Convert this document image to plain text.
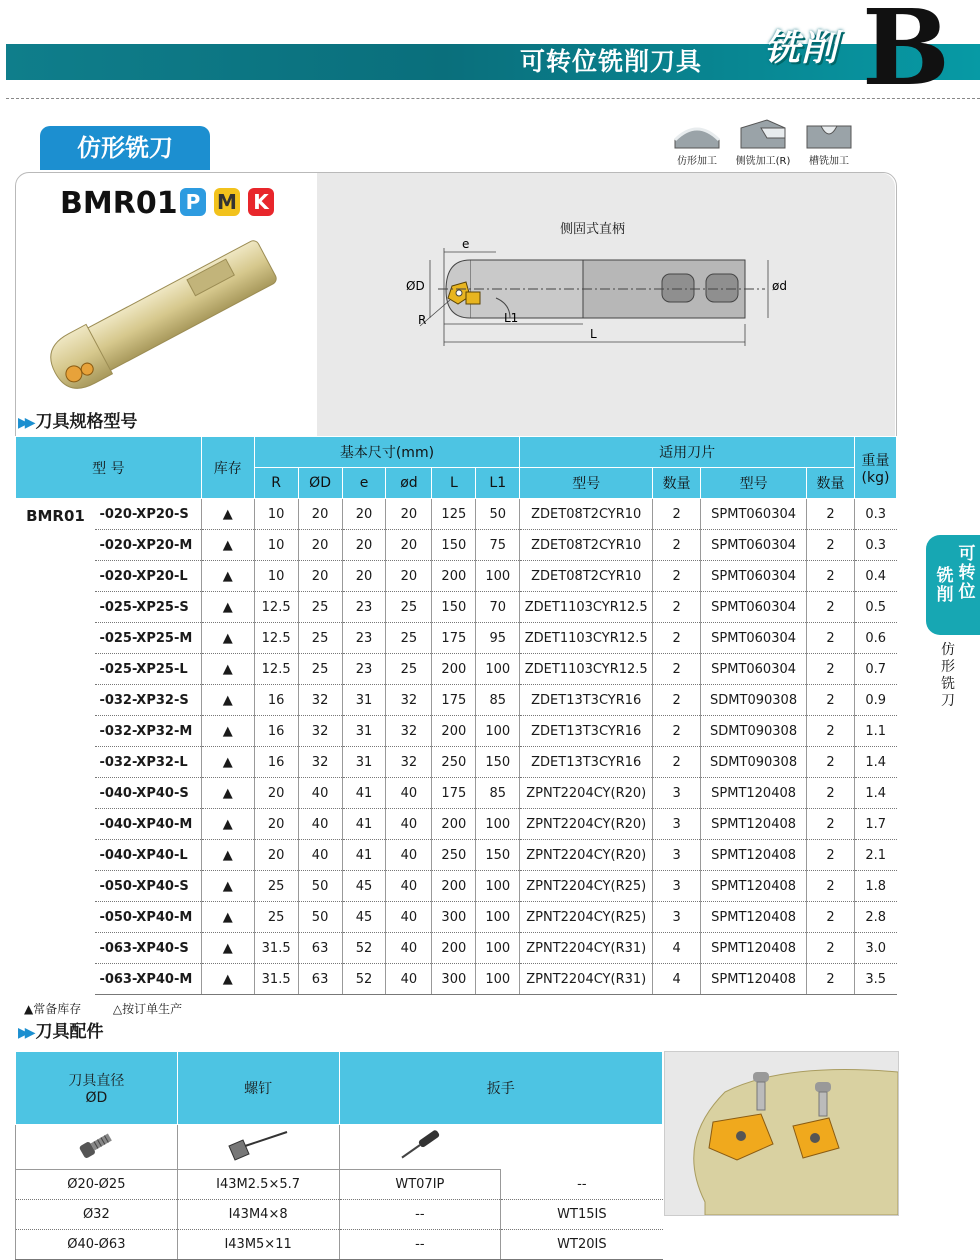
可转位铣削刀具 铣削 B
仿形铣刀	仿形加工	侧铣加工(R)	槽铣加工
BMR01 P M K
侧固式直柄
e
ØD	ød
R	L1
L
▶▶ 刀具规格型号
型 号		库存	基本尺寸(mm)						适用刀片				重量
(kg)
			R	ØD	e	ød	L	L1	型号	数量	型号	数量	
BMR01	-020-XP20-S	▲	10	20	20	20	125	50	ZDET08T2CYR10	2	SPMT060304	2	0.3
	-020-XP20-M	▲	10	20	20	20	150	75	ZDET08T2CYR10	2	SPMT060304	2	0.3
	-020-XP20-L	▲	10	20	20	20	200	100	ZDET08T2CYR10	2	SPMT060304	2	0.4
	-025-XP25-S	▲	12.5	25	23	25	150	70	ZDET1103CYR12.5	2	SPMT060304	2	0.5
	-025-XP25-M	▲	12.5	25	23	25	175	95	ZDET1103CYR12.5	2	SPMT060304	2	0.6
	-025-XP25-L	▲	12.5	25	23	25	200	100	ZDET1103CYR12.5	2	SPMT060304	2	0.7
	-032-XP32-S	▲	16	32	31	32	175	85	ZDET13T3CYR16	2	SDMT090308	2	0.9
	-032-XP32-M	▲	16	32	31	32	200	100	ZDET13T3CYR16	2	SDMT090308	2	1.1
	-032-XP32-L	▲	16	32	31	32	250	150	ZDET13T3CYR16	2	SDMT090308	2	1.4
	-040-XP40-S	▲	20	40	41	40	175	85	ZPNT2204CY(R20)	3	SPMT120408	2	1.4
	-040-XP40-M	▲	20	40	41	40	200	100	ZPNT2204CY(R20)	3	SPMT120408	2	1.7
	-040-XP40-L	▲	20	40	41	40	250	150	ZPNT2204CY(R20)	3	SPMT120408	2	2.1
	-050-XP40-S	▲	25	50	45	40	200	100	ZPNT2204CY(R25)	3	SPMT120408	2	1.8
	-050-XP40-M	▲	25	50	45	40	300	100	ZPNT2204CY(R25)	3	SPMT120408	2	2.8
	-063-XP40-S	▲	31.5	63	52	40	200	100	ZPNT2204CY(R31)	4	SPMT120408	2	3.0
	-063-XP40-M	▲	31.5	63	52	40	300	100	ZPNT2204CY(R31)	4	SPMT120408	2	3.5
▲常备库存	△按订单生产
▶▶ 刀具配件
刀具直径
ØD	螺钉	扳手	

Ø20-Ø25	I43M2.5×5.7	WT07IP	--
Ø32	I43M4×8	--	WT15IS
Ø40-Ø63	I43M5×11	--	WT20IS
可转位
铣削
仿形铣刀
